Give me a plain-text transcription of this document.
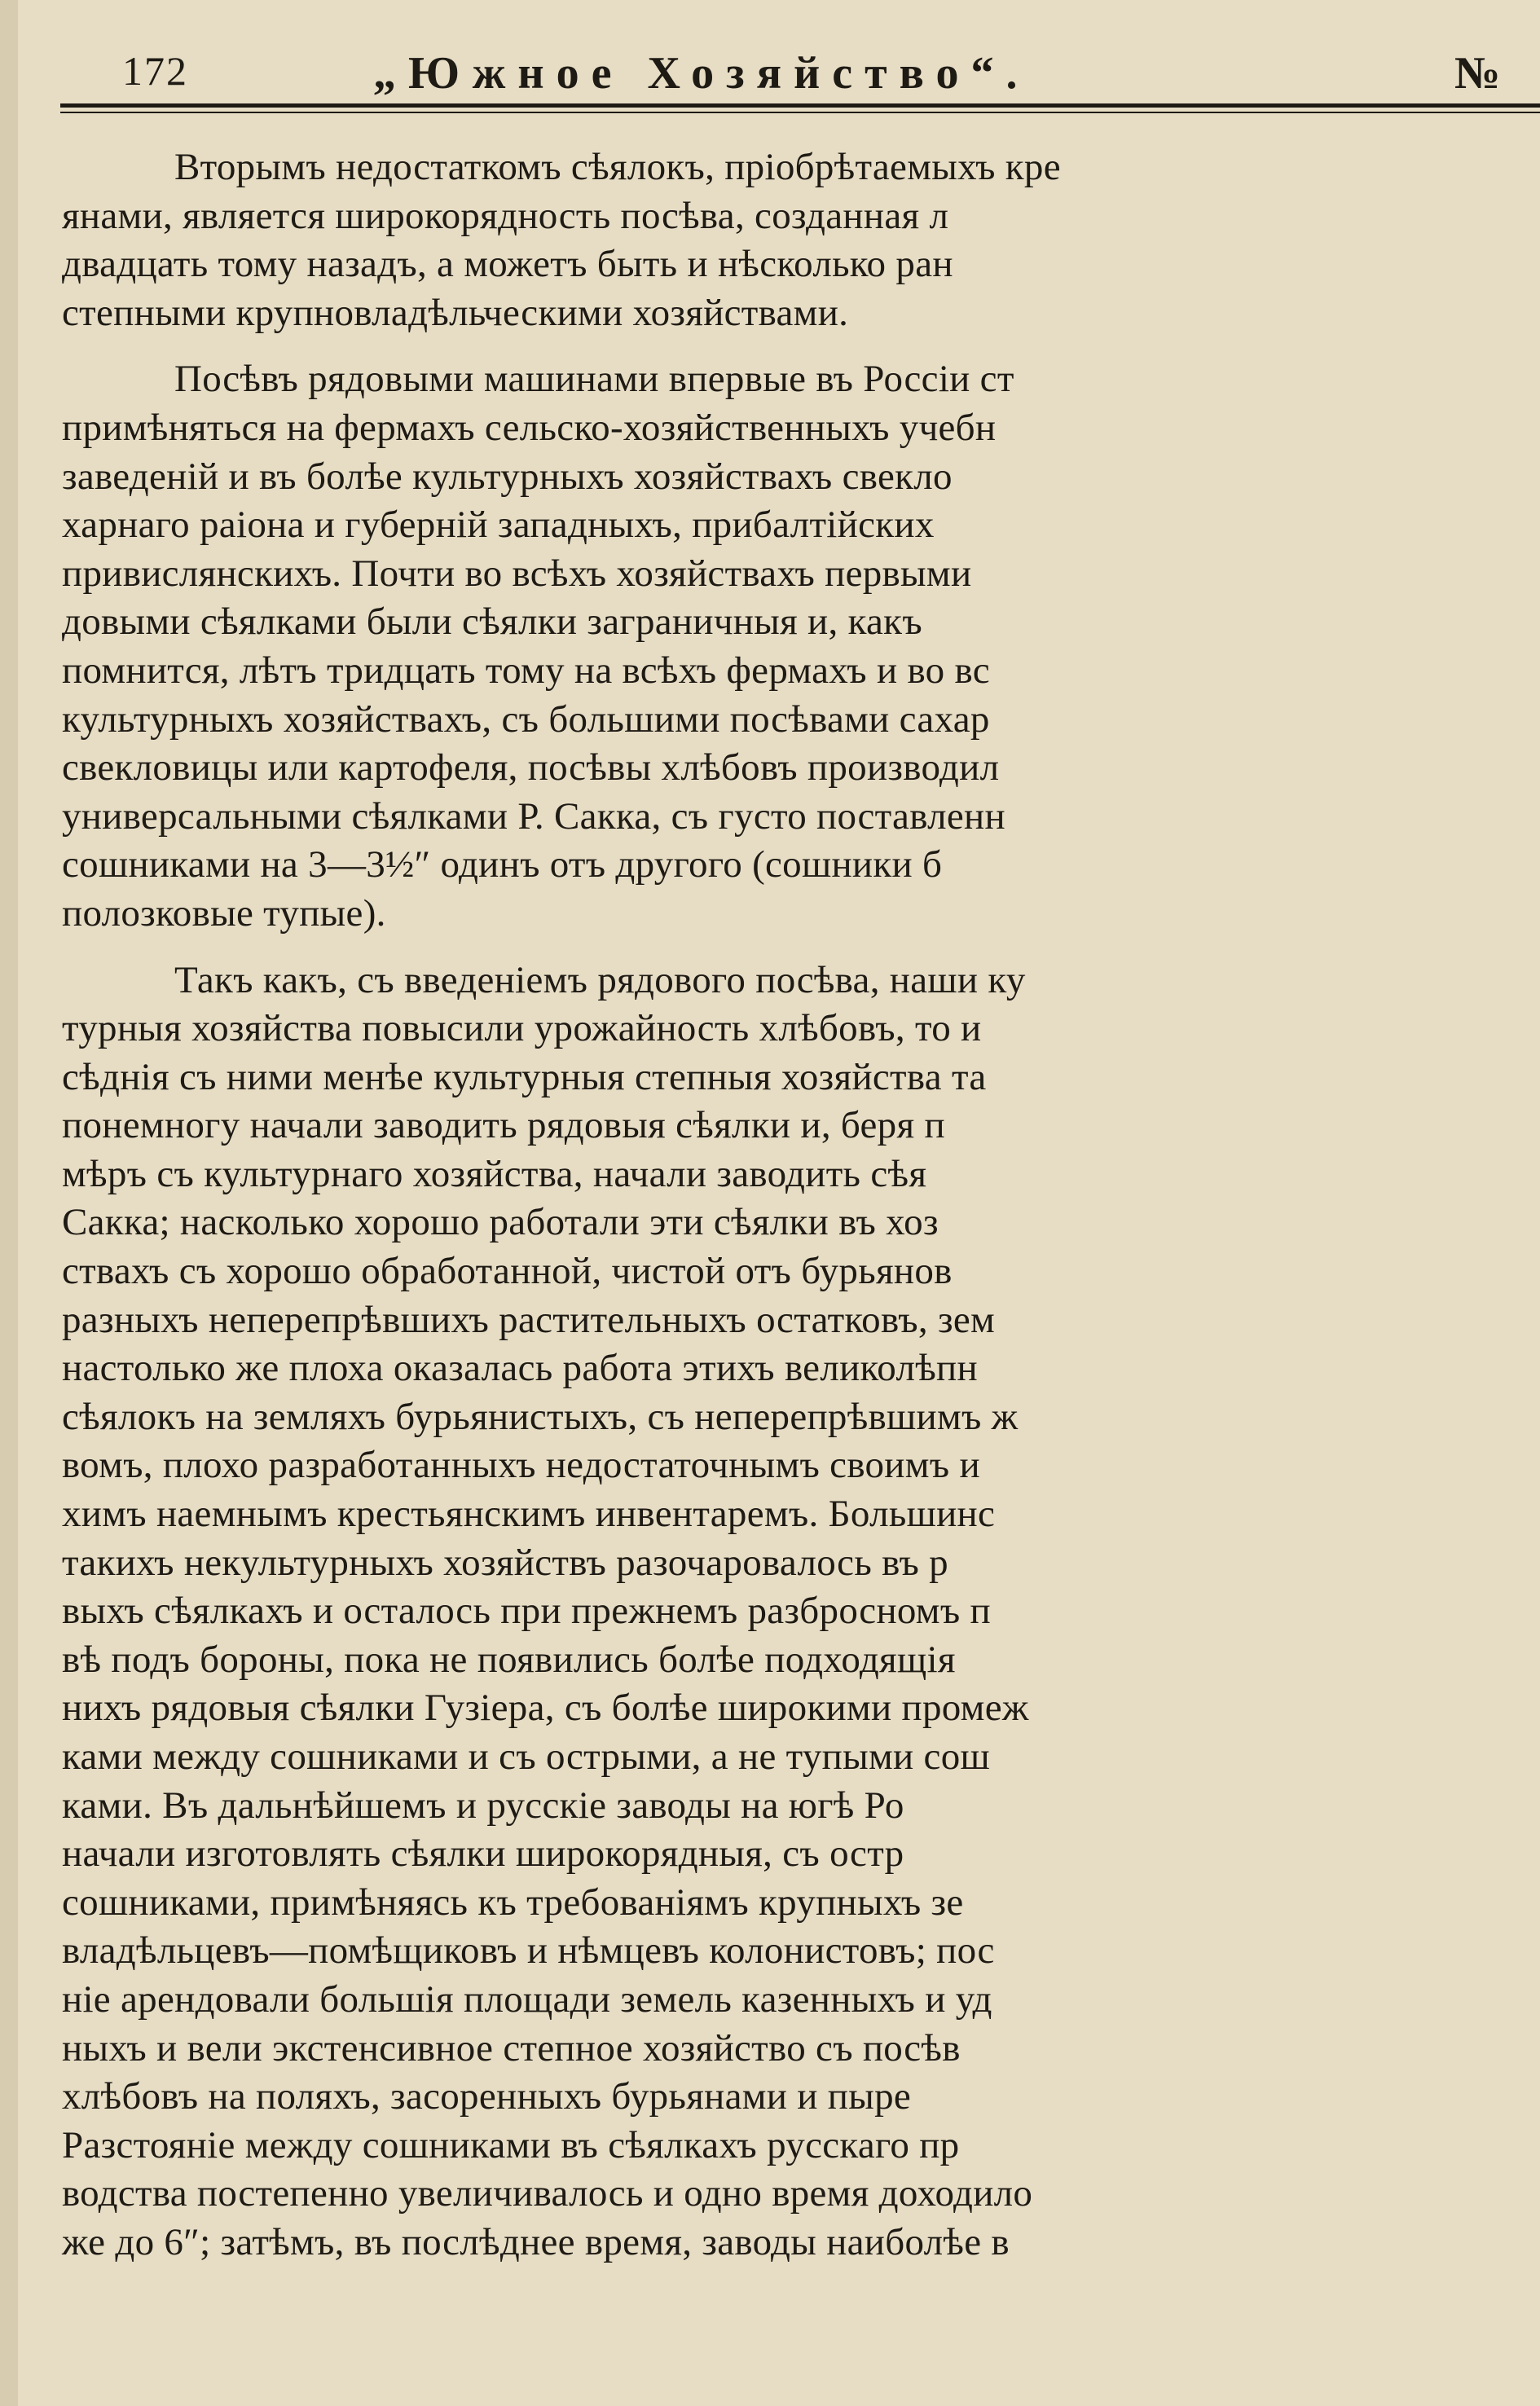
172	„Южное Хозяйство“.	№
Вторымъ недостаткомъ сѣялокъ, пріобрѣтаемыхъ кре
янами, является широкорядность посѣва, созданная л
двадцать тому назадъ, а можетъ быть и нѣсколько ран
степными крупновладѣльческими хозяйствами.
Посѣвъ рядовыми машинами впервые въ Россіи ст
примѣняться на фермахъ сельско-хозяйственныхъ учебн
заведеній и въ болѣе культурныхъ хозяйствахъ свекло
харнаго раіона и губерній западныхъ, прибалтійских
привислянскихъ. Почти во всѣхъ хозяйствахъ первыми
довыми сѣялками были сѣялки заграничныя и, какъ
помнится, лѣтъ тридцать тому на всѣхъ фермахъ и во вс
культурныхъ хозяйствахъ, съ большими посѣвами сахар
свекловицы или картофеля, посѣвы хлѣбовъ производил
универсальными сѣялками Р. Сакка, съ густо поставленн
сошниками на 3—3½″ одинъ отъ другого (сошники б
полозковые тупые).
Такъ какъ, съ введеніемъ рядового посѣва, наши ку
турныя хозяйства повысили урожайность хлѣбовъ, то и
сѣднія съ ними менѣе культурныя степныя хозяйства та
понемногу начали заводить рядовыя сѣялки и, беря п
мѣръ съ культурнаго хозяйства, начали заводить сѣя
Сакка; насколько хорошо работали эти сѣялки въ хоз
ствахъ съ хорошо обработанной, чистой отъ бурьянов
разныхъ неперепрѣвшихъ растительныхъ остатковъ, зем
настолько же плоха оказалась работа этихъ великолѣпн
сѣялокъ на земляхъ бурьянистыхъ, съ неперепрѣвшимъ ж
вомъ, плохо разработанныхъ недостаточнымъ своимъ и
химъ наемнымъ крестьянскимъ инвентаремъ. Большинс
такихъ некультурныхъ хозяйствъ разочаровалось въ р
выхъ сѣялкахъ и осталось при прежнемъ разбросномъ п
вѣ подъ бороны, пока не появились болѣе подходящія
нихъ рядовыя сѣялки Гузіера, съ болѣе широкими промеж
ками между сошниками и съ острыми, а не тупыми сош
ками. Въ дальнѣйшемъ и русскіе заводы на югѣ Ро
начали изготовлять сѣялки широкорядныя, съ остр
сошниками, примѣняясь къ требованіямъ крупныхъ зе
владѣльцевъ—помѣщиковъ и нѣмцевъ колонистовъ; пос
ніе арендовали большія площади земель казенныхъ и уд
ныхъ и вели экстенсивное степное хозяйство съ посѣв
хлѣбовъ на поляхъ, засоренныхъ бурьянами и пыре
Разстояніе между сошниками въ сѣялкахъ русскаго пр
водства постепенно увеличивалось и одно время доходило
же до 6″; затѣмъ, въ послѣднее время, заводы наиболѣе в
